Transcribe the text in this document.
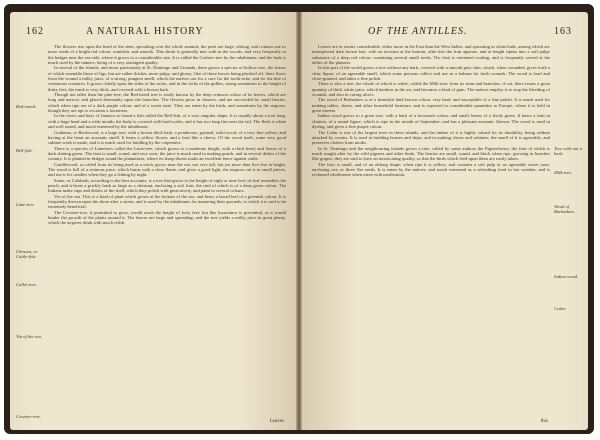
162	A NATURAL HISTORY
Red-eared.
Bell-fish.
Lime-tree.
Chesnut, or Cuttle-fish.
Callet-tree.
Vin of the sea.
Cowtree-tree.

The flowers rise upon the head of the stem, spreading over the whole summit; the pods are large, oblong, and contain one or more seeds of a bright red colour, roundish, and smooth. This shrub is generally met with in the woods, and very frequently in the hedges near the sea-side, where it grows to a considerable size. It is called the Cashew-tree by the inhabitants; and the bark is much used by the tanners, being of a very astringent quality.

In several of the islands, and more particularly at St. Domingo and Grenada, there grows a species of hollow tree, the leaves of which resemble those of figs, but are rather thicker, more pulpy, and glossy. One of these leaves being plucked off, there flows from the wound a milky juice, of a strong, pungent smell, which the natives use for a cure for the tooth-ache, and for the bite of venomous creatures. It grows chiefly upon the sides of the rocks, and in the clefts of the gullies, rising sometimes to the height of thirty feet; the trunk is very thick, and covered with a brown bark.

Though not taller than the pine-tree, the Red-eared tree is easily known by the deep crimson colour of its leaves, which are long and narrow, and placed alternately upon the branches. The flowers grow in clusters, and are succeeded by small berries, which when ripe are of a dark purple colour, and of a sweet taste. They are eaten by the birds, and sometimes by the negroes, though they are apt to occasion a looseness.

In the rivers and bays of Jamaica is found a fish called the Bell-fish, of a very singular shape. It is usually about a foot long, with a large head and a wide mouth; the body is covered with hard scales, and it has two long fins near the tail. The flesh is white and well tasted, and much esteemed by the inhabitants.

Guilanna, or Buckwood, is a large tree, with a brown thick bark, a ponderous, grained, solid wood, of a very fine yellow, and having at the heart an aromatic smell. It bears a yellow flower, and a fruit like a cherry. Of the wood itself, some very good cabinet work is made, and it is much used for building by the carpenters.

There is a species of Limettoes called the Lime-tree, which grows to a moderate height, with a thick head, and leaves of a dark shining green. The fruit is small, round, and very sour; the juice is much used in making punch, and in several dishes of the country. It is planted in hedges round the plantations, where its sharp thorns make an excellent fence against cattle.

Candlewood, so called from its being used as a torch, grows near the sea, not very tall, but yet more than five feet in height. The wood is full of a resinous juice, which burns with a clear flame, and gives a good light; the negroes cut it in small pieces, and use it for candles when they go a fishing by night.

Some, or Calabash, according to the best accounts, is a tree that grows to the height of eight or nine feet; its leaf resembles the peach, and it bears a prickly husk as large as a chestnut, enclosing a soft fruit, the rind of which is of a deep green colour. The Indians make cups and dishes of the shell, which they polish with great nicety, and paint in several colours.

Vin of the sea. This is a kind of plant which grows at the bottom of the sea, and bears a broad leaf of a greenish colour. It is frequently thrown upon the shore after a storm, and is used by the inhabitants for manuring their grounds, to which it is said to be extremely beneficial.

The Cowtree-tree, if permitted to grow, would reach the height of forty feet; but this luxuriance is prevented, as it would hinder the growth of the plants around it. The leaves are large and spreading; and the tree yields a milky juice in great plenty, which the negroes drink with much relish.

Leaves
OF THE ANTILLES.	163

Leaves are in winter considerable, either more in the East than the West Indies, and sprouting in white buds, among which are interspersed dark brown leaf, with an incision at the bottom; after this the fruit appears, and at length ripens into a soft pulpy substance of a deep red colour, containing several small seeds. The fruit is esteemed cooling, and is frequently served at the tables of the planters.

In this part of the world grows a tree without any bark, covered with a smooth grey skin, which, when wounded, gives forth a clear liquor, of an agreeable smell, which some persons collect and use as a balsam for fresh wounds. The wood is hard and close-grained, and takes a fine polish.

There is also a tree, the whole of which is white, called the Milk-tree; from its stem and branches, if cut, there issues a great quantity of thick white juice, which hardens in the air, and becomes a kind of gum. The natives employ it to stop the bleeding of wounds, and also in curing ulcers.

The wood of Barbadoes is of a beautiful dark brown colour, very hard, and susceptible of a fine polish. It is much used for making tables, chairs, and other household furniture, and is exported in considerable quantities to Europe, where it is held in great esteem.

Indian wood grows to a great size, with a bark of a brownish colour, and small leaves of a lively green. It bears a fruit in clusters, of a round figure, which is ripe in the month of September, and has a pleasant aromatic flavour. The wood is used in dyeing, and gives a fine purple colour.

The Cedar is one of the largest trees in these islands, and the timber of it is highly valued for its durability, being seldom attacked by worms. It is used in building houses and ships, and in making chests and cabinets; the smell of it is agreeable, and preserves clothes from moths.

In St. Domingo and the neighbouring islands grows a tree, called by some authors the Pigeon-berry, the fruit of which is much sought after by the wild pigeons and other birds. The berries are small, round, and black when ripe, growing in bunches like grapes; they are said to have an intoxicating quality, so that the birds which feed upon them are easily taken.

The fruit is small, and of an oblong shape; when ripe it is yellow, and contains a soft pulp of an agreeable sweet taste, enclosing two or three flat seeds. It is eaten by the natives, and much esteemed as a refreshing food in hot weather, and is reckoned wholesome when eaten with moderation.

Tree with-out a bark.
Milk-tree.
Wood of Barbadoes.
Indian wood.
Cedar.
this
